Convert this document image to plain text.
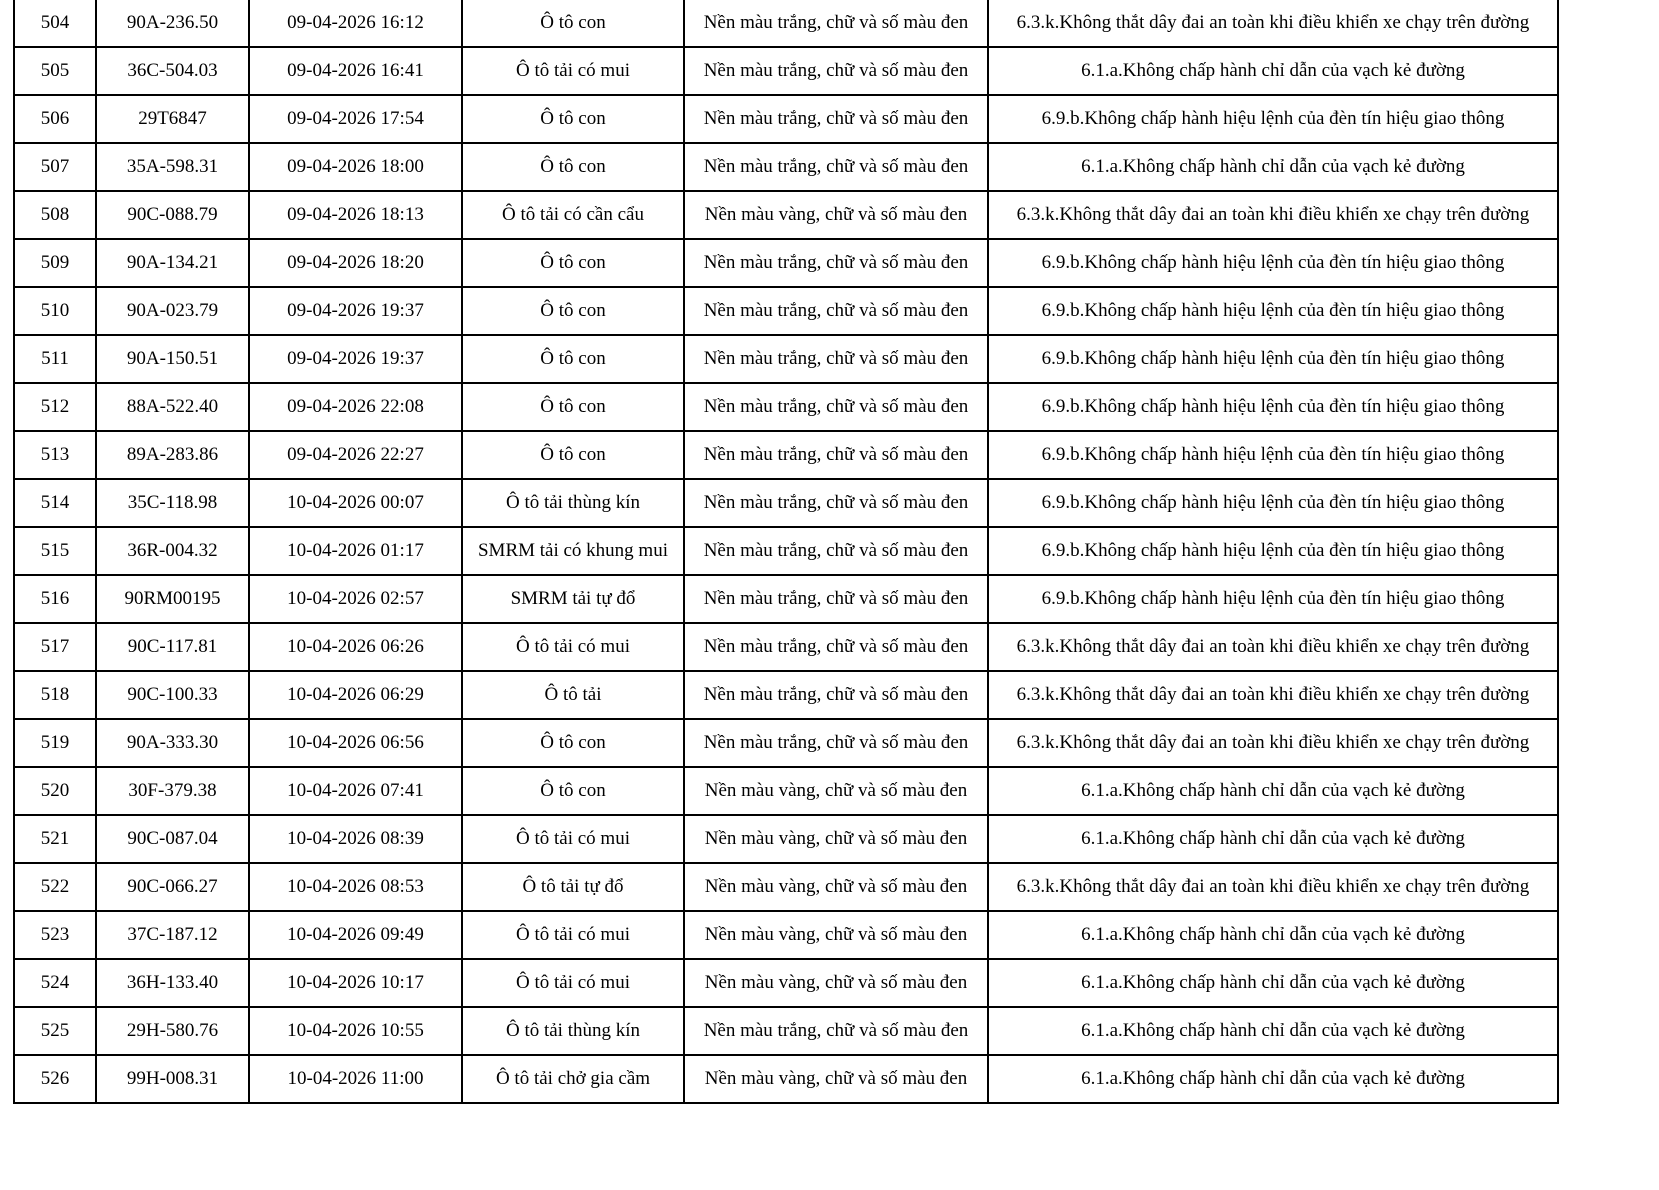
504	90A-236.50	09-04-2026 16:12	Ô tô con	Nền màu trắng, chữ và số màu đen	6.3.k.Không thắt dây đai an toàn khi điều khiển xe chạy trên đường
505	36C-504.03	09-04-2026 16:41	Ô tô tải có mui	Nền màu trắng, chữ và số màu đen	6.1.a.Không chấp hành chỉ dẫn của vạch kẻ đường
506	29T6847	09-04-2026 17:54	Ô tô con	Nền màu trắng, chữ và số màu đen	6.9.b.Không chấp hành hiệu lệnh của đèn tín hiệu giao thông
507	35A-598.31	09-04-2026 18:00	Ô tô con	Nền màu trắng, chữ và số màu đen	6.1.a.Không chấp hành chỉ dẫn của vạch kẻ đường
508	90C-088.79	09-04-2026 18:13	Ô tô tải có cần cẩu	Nền màu vàng, chữ và số màu đen	6.3.k.Không thắt dây đai an toàn khi điều khiển xe chạy trên đường
509	90A-134.21	09-04-2026 18:20	Ô tô con	Nền màu trắng, chữ và số màu đen	6.9.b.Không chấp hành hiệu lệnh của đèn tín hiệu giao thông
510	90A-023.79	09-04-2026 19:37	Ô tô con	Nền màu trắng, chữ và số màu đen	6.9.b.Không chấp hành hiệu lệnh của đèn tín hiệu giao thông
511	90A-150.51	09-04-2026 19:37	Ô tô con	Nền màu trắng, chữ và số màu đen	6.9.b.Không chấp hành hiệu lệnh của đèn tín hiệu giao thông
512	88A-522.40	09-04-2026 22:08	Ô tô con	Nền màu trắng, chữ và số màu đen	6.9.b.Không chấp hành hiệu lệnh của đèn tín hiệu giao thông
513	89A-283.86	09-04-2026 22:27	Ô tô con	Nền màu trắng, chữ và số màu đen	6.9.b.Không chấp hành hiệu lệnh của đèn tín hiệu giao thông
514	35C-118.98	10-04-2026 00:07	Ô tô tải thùng kín	Nền màu trắng, chữ và số màu đen	6.9.b.Không chấp hành hiệu lệnh của đèn tín hiệu giao thông
515	36R-004.32	10-04-2026 01:17	SMRM tải có khung mui	Nền màu trắng, chữ và số màu đen	6.9.b.Không chấp hành hiệu lệnh của đèn tín hiệu giao thông
516	90RM00195	10-04-2026 02:57	SMRM tải tự đổ	Nền màu trắng, chữ và số màu đen	6.9.b.Không chấp hành hiệu lệnh của đèn tín hiệu giao thông
517	90C-117.81	10-04-2026 06:26	Ô tô tải có mui	Nền màu trắng, chữ và số màu đen	6.3.k.Không thắt dây đai an toàn khi điều khiển xe chạy trên đường
518	90C-100.33	10-04-2026 06:29	Ô tô tải	Nền màu trắng, chữ và số màu đen	6.3.k.Không thắt dây đai an toàn khi điều khiển xe chạy trên đường
519	90A-333.30	10-04-2026 06:56	Ô tô con	Nền màu trắng, chữ và số màu đen	6.3.k.Không thắt dây đai an toàn khi điều khiển xe chạy trên đường
520	30F-379.38	10-04-2026 07:41	Ô tô con	Nền màu vàng, chữ và số màu đen	6.1.a.Không chấp hành chỉ dẫn của vạch kẻ đường
521	90C-087.04	10-04-2026 08:39	Ô tô tải có mui	Nền màu vàng, chữ và số màu đen	6.1.a.Không chấp hành chỉ dẫn của vạch kẻ đường
522	90C-066.27	10-04-2026 08:53	Ô tô tải tự đổ	Nền màu vàng, chữ và số màu đen	6.3.k.Không thắt dây đai an toàn khi điều khiển xe chạy trên đường
523	37C-187.12	10-04-2026 09:49	Ô tô tải có mui	Nền màu vàng, chữ và số màu đen	6.1.a.Không chấp hành chỉ dẫn của vạch kẻ đường
524	36H-133.40	10-04-2026 10:17	Ô tô tải có mui	Nền màu vàng, chữ và số màu đen	6.1.a.Không chấp hành chỉ dẫn của vạch kẻ đường
525	29H-580.76	10-04-2026 10:55	Ô tô tải thùng kín	Nền màu trắng, chữ và số màu đen	6.1.a.Không chấp hành chỉ dẫn của vạch kẻ đường
526	99H-008.31	10-04-2026 11:00	Ô tô tải chở gia cầm	Nền màu vàng, chữ và số màu đen	6.1.a.Không chấp hành chỉ dẫn của vạch kẻ đường
